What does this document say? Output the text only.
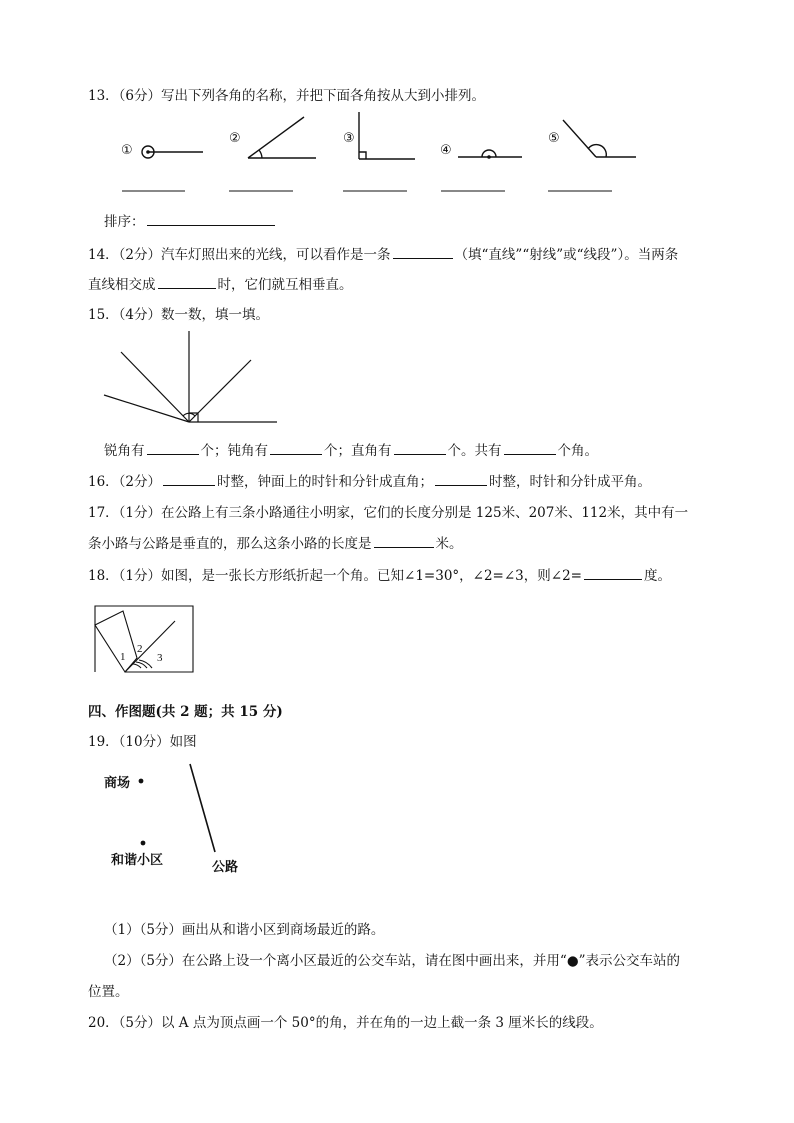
13．（6分）写出下列各角的名称，并把下面各角按从大到小排列。
①
②	③
④
⑤
排序：
14．（2分）汽车灯照出来的光线，可以看作是一条	（填“直线”“射线”或“线段”）。当两条
直线相交成	时，它们就互相垂直。
15．（4分）数一数，填一填。
锐角有	个；钝角有	个；直角有	个。共有	个角。
16．（2分）	时整，钟面上的时针和分针成直角；	时整，时针和分针成平角。
17．（1分）在公路上有三条小路通往小明家，它们的长度分别是 125米、207米、112米，其中有一
条小路与公路是垂直的，那么这条小路的长度是	米。
18．（1分）如图，是一张长方形纸折起一个角。已知∠1=30°，∠2=∠3，则∠2=	度。
1
2
3
四、作图题(共 2 题；共 15 分)
19．（10分）如图
商场
和谐小区	公路
（1）（5分）画出从和谐小区到商场最近的路。
（2）（5分）在公路上设一个离小区最近的公交车站，请在图中画出来，并用“●”表示公交车站的
位置。
20．（5分）以 A 点为顶点画一个 50°的角，并在角的一边上截一条 3 厘米长的线段。
